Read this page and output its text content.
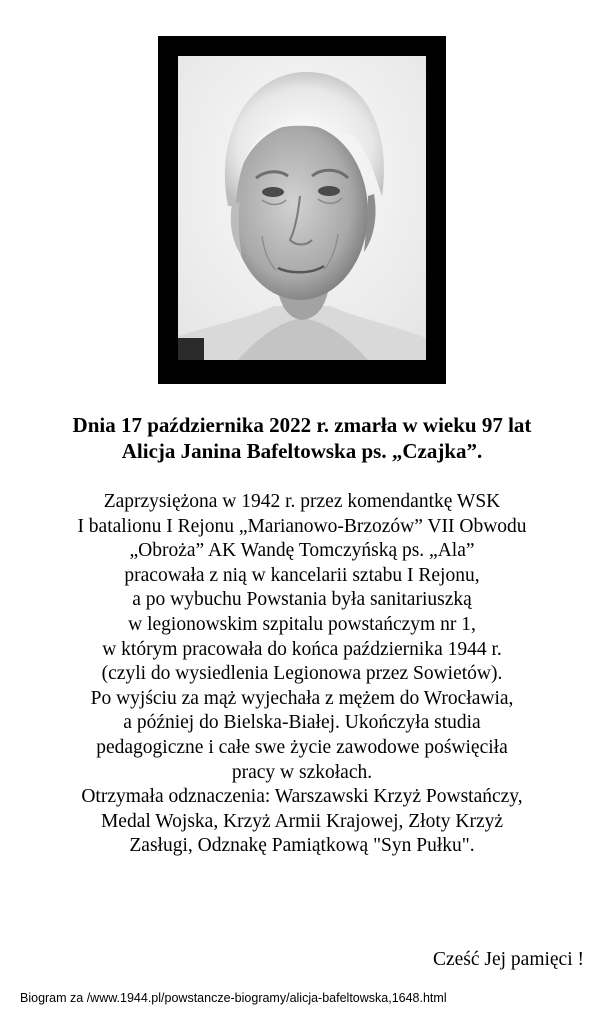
Dnia 17 października 2022 r. zmarła w wieku 97 lat
Alicja Janina Bafeltowska ps. „Czajka”.
Zaprzysiężona w 1942 r. przez komendantkę WSK
I batalionu I Rejonu „Marianowo-Brzozów” VII Obwodu
„Obroża” AK Wandę Tomczyńską ps. „Ala”
pracowała z nią w kancelarii sztabu I Rejonu,
a po wybuchu Powstania była sanitariuszką
w legionowskim szpitalu powstańczym nr 1,
w którym pracowała do końca października 1944 r.
(czyli do wysiedlenia Legionowa przez Sowietów).
Po wyjściu za mąż wyjechała z mężem do Wrocławia,
a później do Bielska-Białej. Ukończyła studia
pedagogiczne i całe swe życie zawodowe poświęciła
pracy w szkołach.
Otrzymała odznaczenia: Warszawski Krzyż Powstańczy,
Medal Wojska, Krzyż Armii Krajowej, Złoty Krzyż
Zasługi, Odznakę Pamiątkową "Syn Pułku".
Cześć Jej pamięci !
Biogram za /www.1944.pl/powstancze-biogramy/alicja-bafeltowska,1648.html
